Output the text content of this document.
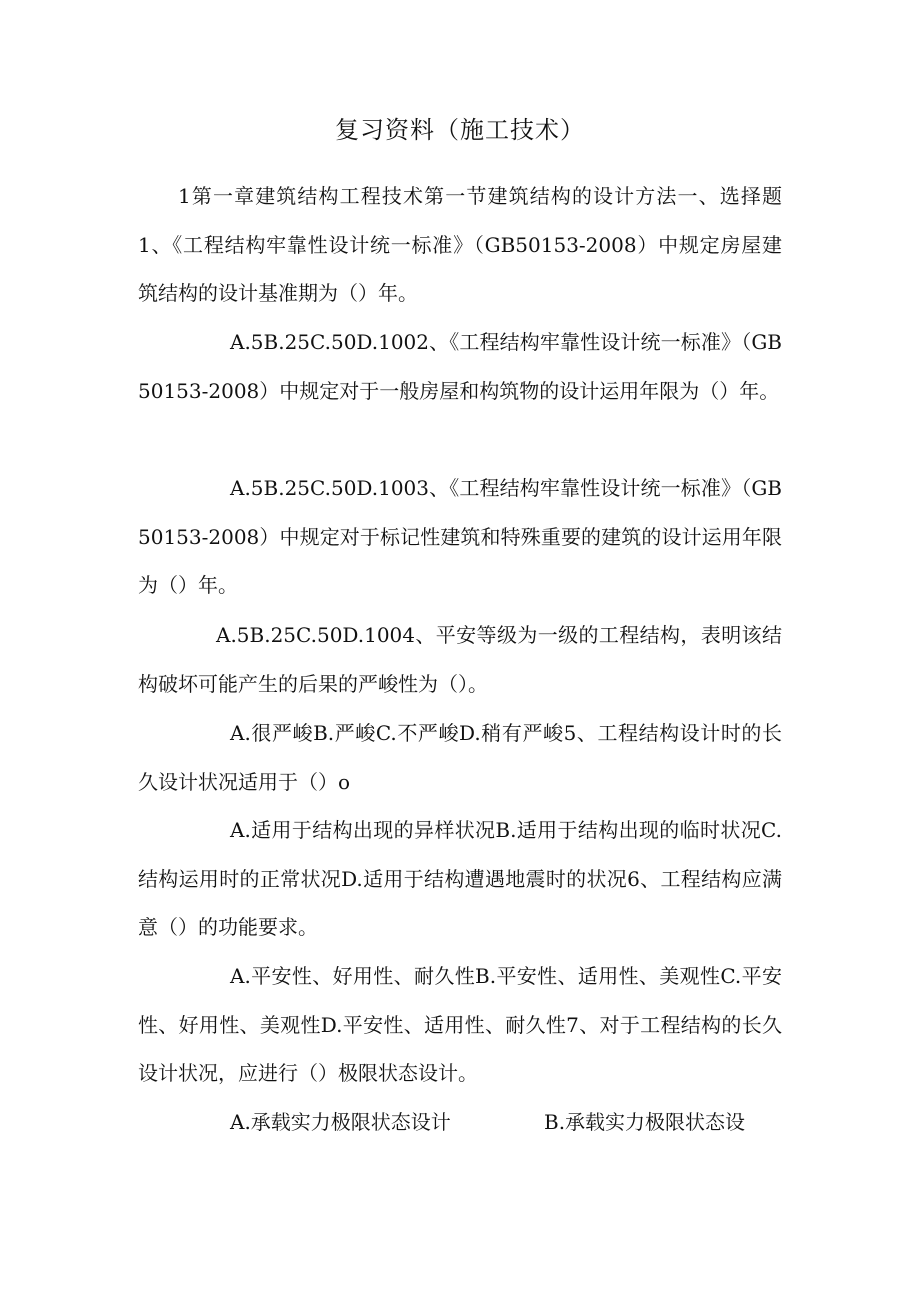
复习资料（施工技术）

1第一章建筑结构工程技术第一节建筑结构的设计方法一、选择题1、《工程结构牢靠性设计统一标准》（GB50153-2008）中规定房屋建筑结构的设计基准期为（）年。

A.5B.25C.50D.1002、《工程结构牢靠性设计统一标准》（GB50153-2008）中规定对于一般房屋和构筑物的设计运用年限为（）年。

A.5B.25C.50D.1003、《工程结构牢靠性设计统一标准》（GB50153-2008）中规定对于标记性建筑和特殊重要的建筑的设计运用年限为（）年。

A.5B.25C.50D.1004、平安等级为一级的工程结构，表明该结构破坏可能产生的后果的严峻性为（）。

A.很严峻B.严峻C.不严峻D.稍有严峻5、工程结构设计时的长久设计状况适用于（）o

A.适用于结构出现的异样状况B.适用于结构出现的临时状况C.结构运用时的正常状况D.适用于结构遭遇地震时的状况6、工程结构应满意（）的功能要求。

A.平安性、好用性、耐久性B.平安性、适用性、美观性C.平安性、好用性、美观性D.平安性、适用性、耐久性7、对于工程结构的长久设计状况，应进行（）极限状态设计。

A.承载实力极限状态设计	B.承载实力极限状态设
